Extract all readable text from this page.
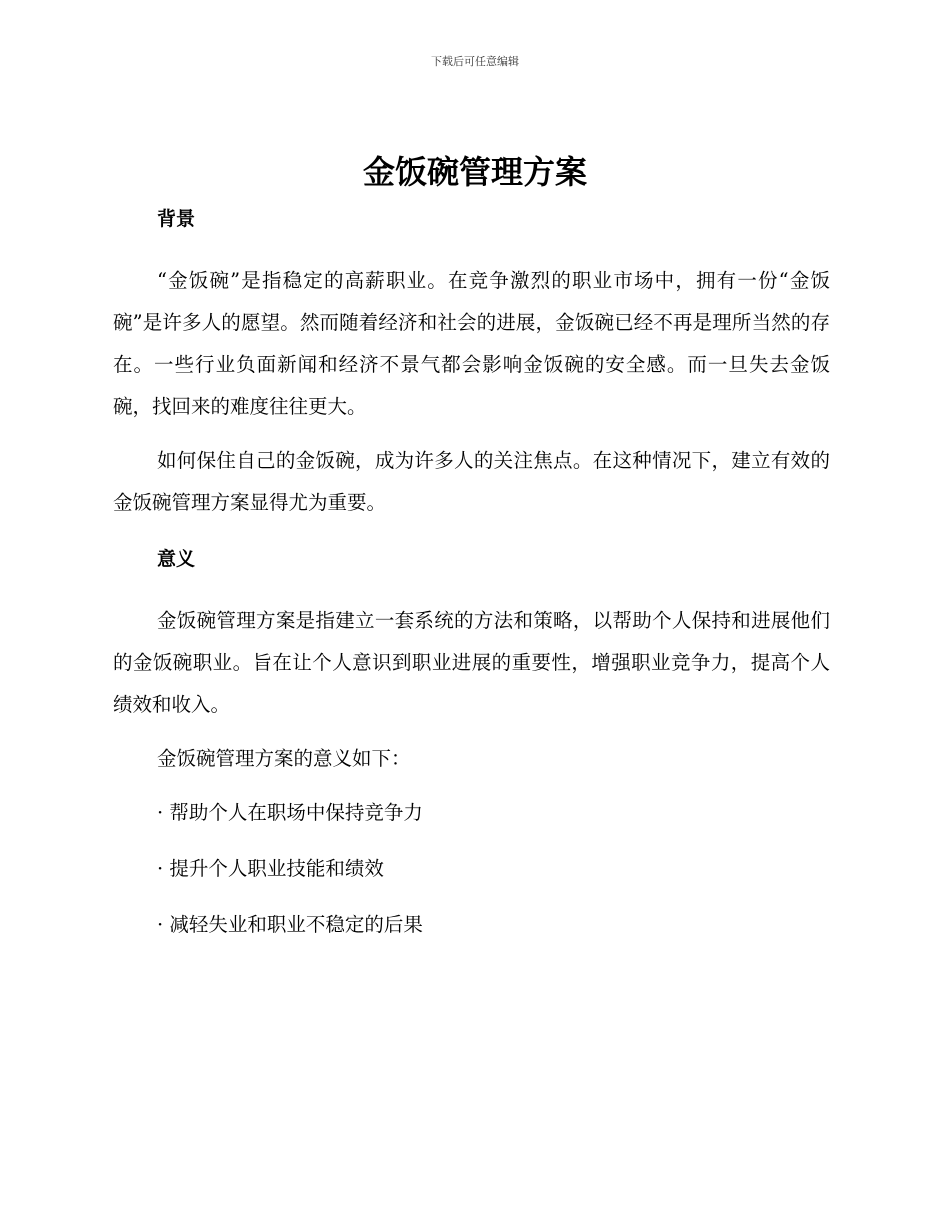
下载后可任意编辑
金饭碗管理方案
背景

“金饭碗”是指稳定的高薪职业。在竞争激烈的职业市场中，拥有一份“金饭碗”是许多人的愿望。然而随着经济和社会的进展，金饭碗已经不再是理所当然的存在。一些行业负面新闻和经济不景气都会影响金饭碗的安全感。而一旦失去金饭碗，找回来的难度往往更大。

如何保住自己的金饭碗，成为许多人的关注焦点。在这种情况下，建立有效的金饭碗管理方案显得尤为重要。

意义

金饭碗管理方案是指建立一套系统的方法和策略，以帮助个人保持和进展他们的金饭碗职业。旨在让个人意识到职业进展的重要性，增强职业竞争力，提高个人绩效和收入。

金饭碗管理方案的意义如下：

· 帮助个人在职场中保持竞争力

· 提升个人职业技能和绩效

· 减轻失业和职业不稳定的后果
